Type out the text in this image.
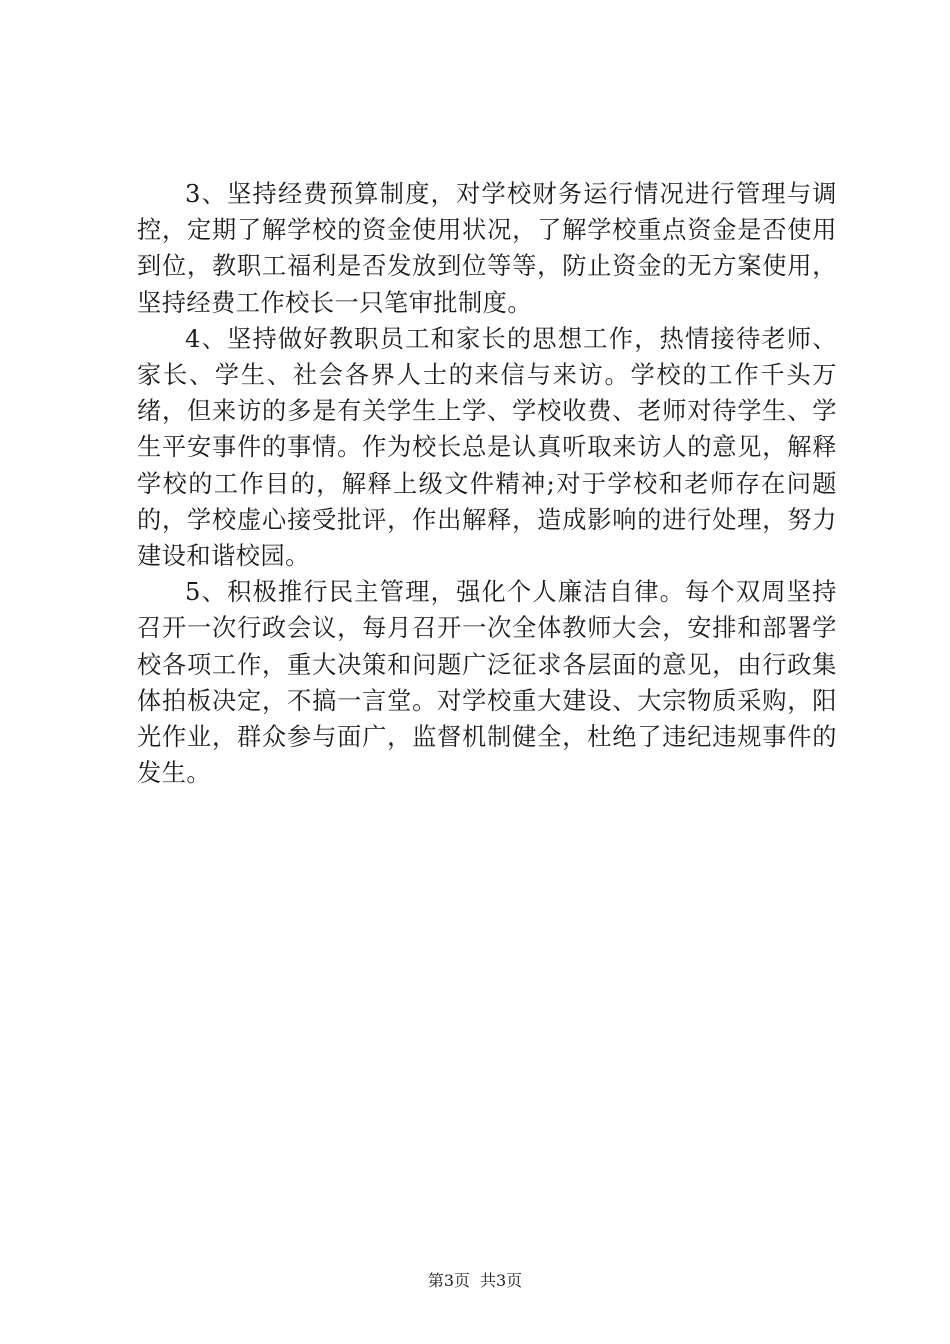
3、坚持经费预算制度，对学校财务运行情况进行管理与调控，定期了解学校的资金使用状况，了解学校重点资金是否使用到位，教职工福利是否发放到位等等，防止资金的无方案使用，坚持经费工作校长一只笔审批制度。

4、坚持做好教职员工和家长的思想工作，热情接待老师、家长、学生、社会各界人士的来信与来访。学校的工作千头万绪，但来访的多是有关学生上学、学校收费、老师对待学生、学生平安事件的事情。作为校长总是认真听取来访人的意见，解释学校的工作目的，解释上级文件精神;对于学校和老师存在问题的，学校虚心接受批评，作出解释，造成影响的进行处理，努力建设和谐校园。

5、积极推行民主管理，强化个人廉洁自律。每个双周坚持召开一次行政会议，每月召开一次全体教师大会，安排和部署学校各项工作，重大决策和问题广泛征求各层面的意见，由行政集体拍板决定，不搞一言堂。对学校重大建设、大宗物质采购，阳光作业，群众参与面广，监督机制健全，杜绝了违纪违规事件的发生。

第3页 共3页
